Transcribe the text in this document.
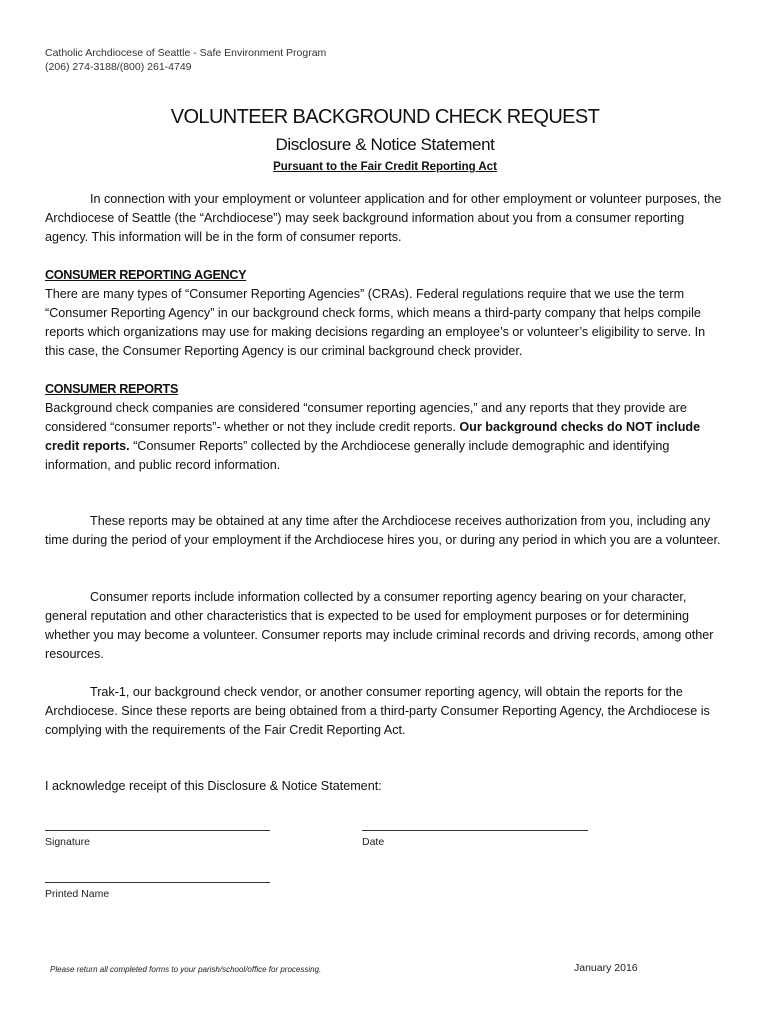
Catholic Archdiocese of Seattle - Safe Environment Program
(206) 274-3188/(800) 261-4749
VOLUNTEER BACKGROUND CHECK REQUEST
Disclosure & Notice Statement
Pursuant to the Fair Credit Reporting Act

In connection with your employment or volunteer application and for other employment or volunteer purposes, the Archdiocese of Seattle (the “Archdiocese”) may seek background information about you from a consumer reporting agency. This information will be in the form of consumer reports.

CONSUMER REPORTING AGENCY

There are many types of “Consumer Reporting Agencies” (CRAs). Federal regulations require that we use the term “Consumer Reporting Agency” in our background check forms, which means a third-party company that helps compile reports which organizations may use for making decisions regarding an employee’s or volunteer’s eligibility to serve. In this case, the Consumer Reporting Agency is our criminal background check provider.

CONSUMER REPORTS

Background check companies are considered “consumer reporting agencies,” and any reports that they provide are considered “consumer reports”- whether or not they include credit reports. Our background checks do NOT include credit reports. “Consumer Reports” collected by the Archdiocese generally include demographic and identifying information, and public record information.

These reports may be obtained at any time after the Archdiocese receives authorization from you, including any time during the period of your employment if the Archdiocese hires you, or during any period in which you are a volunteer.

Consumer reports include information collected by a consumer reporting agency bearing on your character, general reputation and other characteristics that is expected to be used for employment purposes or for determining whether you may become a volunteer. Consumer reports may include criminal records and driving records, among other resources.

Trak-1, our background check vendor, or another consumer reporting agency, will obtain the reports for the Archdiocese. Since these reports are being obtained from a third-party Consumer Reporting Agency, the Archdiocese is complying with the requirements of the Fair Credit Reporting Act.

I acknowledge receipt of this Disclosure & Notice Statement:

Signature	Date
Printed Name
Please return all completed forms to your parish/school/office for processing.	January 2016
